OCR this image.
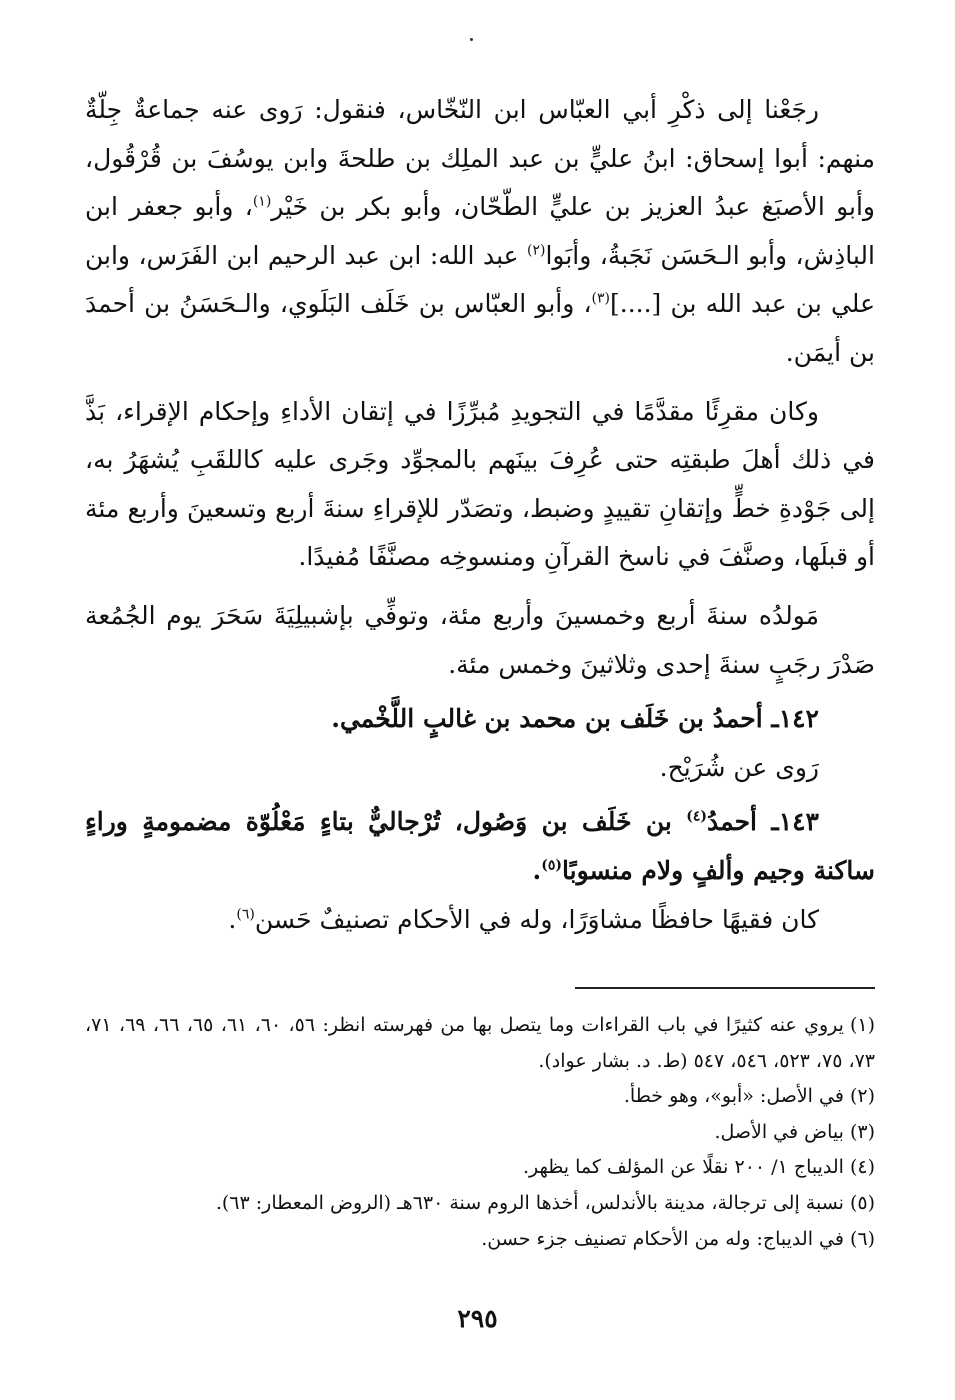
رجَعْنا إلى ذكْرِ أبي العبّاس ابن النّخّاس، فنقول: رَوى عنه جماعةٌ جِلّةٌ منهم: أبوا إسحاق: ابنُ عليٍّ بن عبد الملِك بن طلحةَ وابن يوسُفَ بن قُرْقُول، وأبو الأصبَغ عبدُ العزيز بن عليٍّ الطّحّان، وأبو بكر بن خَيْر$^{(١)}$، وأبو جعفر ابن الباذِش، وأبو الـحَسَن نَجَبةُ، وأبَوا$^{(٢)}$ عبد الله: ابن عبد الرحيم ابن الفَرَس، وابن علي بن عبد الله بن [....]$^{(٣)}$، وأبو العبّاس بن خَلَف البَلَوي، والـحَسَنُ بن أحمدَ بن أيمَن.

وكان مقرِئًا مقدَّمًا في التجويدِ مُبرِّزًا في إتقان الأداءِ وإحكام الإقراء، بَذَّ في ذلك أهلَ طبقتِه حتى عُرِفَ بينَهم بالمجوِّد وجَرى عليه كاللقَبِ يُشهَرُ به، إلى جَوْدةِ خطٍّ وإتقانِ تقييدٍ وضبط، وتصَدّر للإقراءِ سنةَ أربع وتسعينَ وأربع مئة أو قبلَها، وصنَّفَ في ناسخ القرآنِ ومنسوخِه مصنَّفًا مُفيدًا.

مَولدُه سنةَ أربع وخمسينَ وأربع مئة، وتوفِّي بإشبيلِيَةَ سَحَرَ يوم الجُمُعة صَدْرَ رجَبٍ سنةَ إحدى وثلاثينَ وخمس مئة.

١٤٢ـ أحمدُ بن خَلَف بن محمد بن غالبٍ اللَّخْمي.

رَوى عن شُرَيْح.

١٤٣ـ أحمدُ$^{(٤)}$ بن خَلَف بن وَصُول، تُرْجاليٌّ بتاءٍ مَعْلُوّة مضمومةٍ وراءٍ ساكنة وجيم وألفٍ ولام منسوبًا$^{(٥)}$.

كان فقيهًا حافظًا مشاوَرًا، وله في الأحكام تصنيفٌ حَسن$^{(٦)}$.

(١)يروي عنه كثيرًا في باب القراءات وما يتصل بها من فهرسته انظر: ٥٦، ٦٠، ٦١، ٦٥، ٦٦، ٦٩، ٧١، ٧٣، ٧٥، ٥٢٣، ٥٤٦، ٥٤٧ (ط. د. بشار عواد).

(٢)في الأصل: «أبو»، وهو خطأ.

(٣)بياض في الأصل.

(٤)الديباج ١/ ٢٠٠ نقلًا عن المؤلف كما يظهر.

(٥)نسبة إلى ترجالة، مدينة بالأندلس، أخذها الروم سنة ٦٣٠هـ (الروض المعطار: ٦٣).

(٦)في الديباج: وله من الأحكام تصنيف جزء حسن.

٢٩٥
